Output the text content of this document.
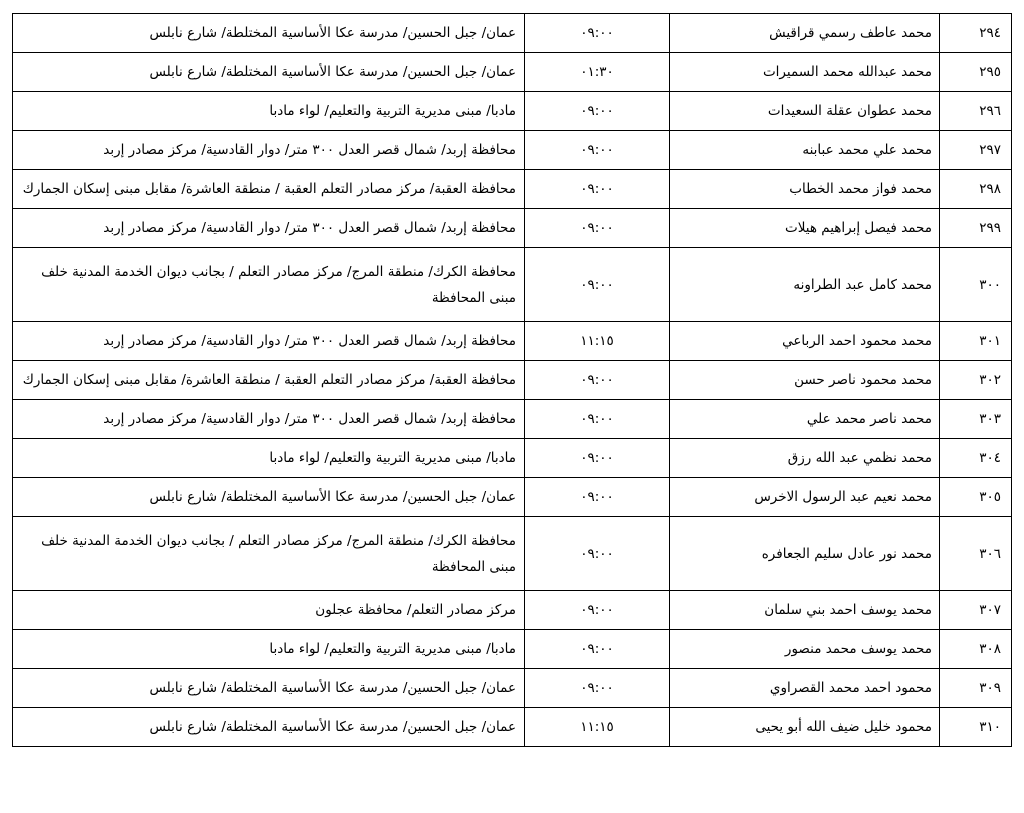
٢٩٤	محمد عاطف رسمي قراقيش	٠٩:٠٠	عمان/ جبل الحسين/ مدرسة عكا الأساسية المختلطة/ شارع نابلس
٢٩٥	محمد عبدالله محمد السميرات	٠١:٣٠	عمان/ جبل الحسين/ مدرسة عكا الأساسية المختلطة/ شارع نابلس
٢٩٦	محمد عطوان عقلة السعيدات	٠٩:٠٠	مادبا/ مبنى مديرية التربية والتعليم/ لواء مادبا
٢٩٧	محمد علي محمد عبابنه	٠٩:٠٠	محافظة إربد/ شمال قصر العدل ٣٠٠ متر/ دوار القادسية/ مركز مصادر إربد
٢٩٨	محمد فواز محمد الخطاب	٠٩:٠٠	محافظة العقبة/ مركز مصادر التعلم العقبة / منطقة العاشرة/ مقابل مبنى إسكان الجمارك
٢٩٩	محمد فيصل إبراهيم هيلات	٠٩:٠٠	محافظة إربد/ شمال قصر العدل ٣٠٠ متر/ دوار القادسية/ مركز مصادر إربد
٣٠٠	محمد كامل عبد الطراونه	٠٩:٠٠	محافظة الكرك/ منطقة المرج/ مركز مصادر التعلم / بجانب ديوان الخدمة المدنية خلف مبنى المحافظة
٣٠١	محمد محمود احمد الرباعي	١١:١٥	محافظة إربد/ شمال قصر العدل ٣٠٠ متر/ دوار القادسية/ مركز مصادر إربد
٣٠٢	محمد محمود ناصر حسن	٠٩:٠٠	محافظة العقبة/ مركز مصادر التعلم العقبة / منطقة العاشرة/ مقابل مبنى إسكان الجمارك
٣٠٣	محمد ناصر محمد علي	٠٩:٠٠	محافظة إربد/ شمال قصر العدل ٣٠٠ متر/ دوار القادسية/ مركز مصادر إربد
٣٠٤	محمد نظمي عبد الله رزق	٠٩:٠٠	مادبا/ مبنى مديرية التربية والتعليم/ لواء مادبا
٣٠٥	محمد نعيم عبد الرسول الاخرس	٠٩:٠٠	عمان/ جبل الحسين/ مدرسة عكا الأساسية المختلطة/ شارع نابلس
٣٠٦	محمد نور عادل سليم الجعافره	٠٩:٠٠	محافظة الكرك/ منطقة المرج/ مركز مصادر التعلم / بجانب ديوان الخدمة المدنية خلف مبنى المحافظة
٣٠٧	محمد يوسف احمد بني سلمان	٠٩:٠٠	مركز مصادر التعلم/ محافظة عجلون
٣٠٨	محمد يوسف محمد منصور	٠٩:٠٠	مادبا/ مبنى مديرية التربية والتعليم/ لواء مادبا
٣٠٩	محمود احمد محمد القصراوي	٠٩:٠٠	عمان/ جبل الحسين/ مدرسة عكا الأساسية المختلطة/ شارع نابلس
٣١٠	محمود خليل ضيف الله أبو يحيى	١١:١٥	عمان/ جبل الحسين/ مدرسة عكا الأساسية المختلطة/ شارع نابلس
